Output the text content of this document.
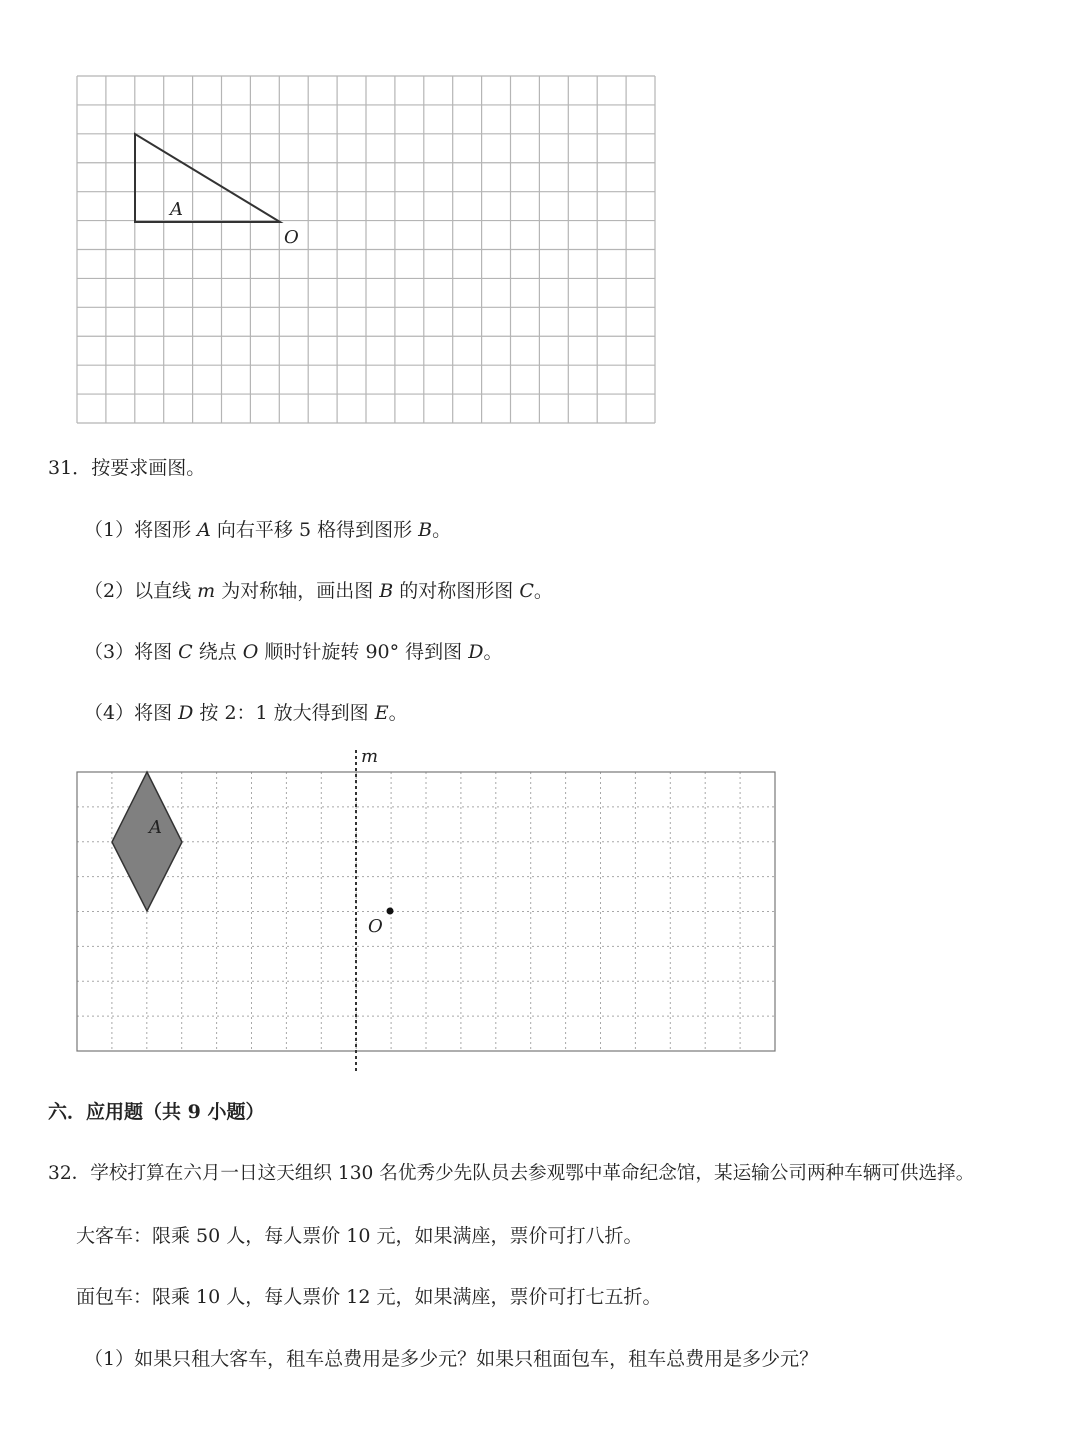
A
O

31．按要求画图。

（1）将图形 A 向右平移 5 格得到图形 B。

（2）以直线 m 为对称轴，画出图 B 的对称图形图 C。

（3）将图 C 绕点 O 顺时针旋转 90° 得到图 D。

（4）将图 D 按 2：1 放大得到图 E。

A
m
O

六．应用题（共 9 小题）

32．学校打算在六月一日这天组织 130 名优秀少先队员去参观鄂中革命纪念馆，某运输公司两种车辆可供选择。

大客车：限乘 50 人，每人票价 10 元，如果满座，票价可打八折。

面包车：限乘 10 人，每人票价 12 元，如果满座，票价可打七五折。

（1）如果只租大客车，租车总费用是多少元？如果只租面包车，租车总费用是多少元？
